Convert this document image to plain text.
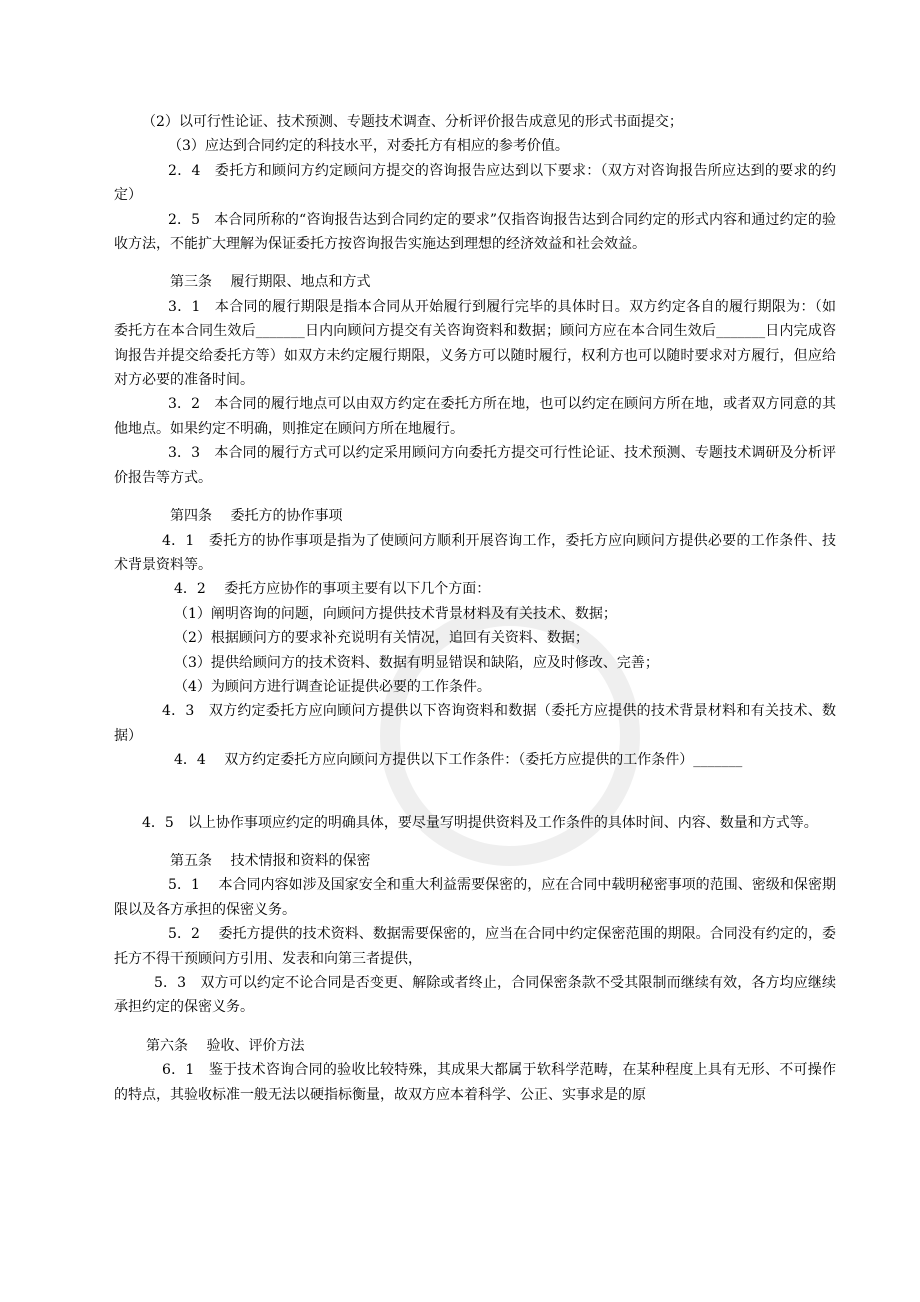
（2）以可行性论证、技术预测、专题技术调查、分析评价报告成意见的形式书面提交；

（3）应达到合同约定的科技水平，对委托方有相应的参考价值。

2．4　委托方和顾问方约定顾问方提交的咨询报告应达到以下要求：（双方对咨询报告所应达到的要求的约定）

2．5　本合同所称的“咨询报告达到合同约定的要求”仅指咨询报告达到合同约定的形式内容和通过约定的验收方法，不能扩大理解为保证委托方按咨询报告实施达到理想的经济效益和社会效益。

第三条　 履行期限、地点和方式

3．1　本合同的履行期限是指本合同从开始履行到履行完毕的具体时日。双方约定各自的履行期限为：（如委托方在本合同生效后_______日内向顾问方提交有关咨询资料和数据；顾问方应在本合同生效后_______日内完成咨询报告并提交给委托方等）如双方未约定履行期限，义务方可以随时履行，权利方也可以随时要求对方履行，但应给对方必要的准备时间。

3．2　本合同的履行地点可以由双方约定在委托方所在地，也可以约定在顾问方所在地，或者双方同意的其他地点。如果约定不明确，则推定在顾问方所在地履行。

3．3　本合同的履行方式可以约定采用顾问方向委托方提交可行性论证、技术预测、专题技术调研及分析评价报告等方式。

第四条　 委托方的协作事项

4．1　委托方的协作事项是指为了使顾问方顺利开展咨询工作，委托方应向顾问方提供必要的工作条件、技术背景资料等。

4．2　 委托方应协作的事项主要有以下几个方面：

（1）阐明咨询的问题，向顾问方提供技术背景材料及有关技术、数据；

（2）根据顾问方的要求补充说明有关情况，追回有关资料、数据；

（3）提供给顾问方的技术资料、数据有明显错误和缺陷，应及时修改、完善；

（4）为顾问方进行调查论证提供必要的工作条件。

4．3　双方约定委托方应向顾问方提供以下咨询资料和数据（委托方应提供的技术背景材料和有关技术、数据）

4．4　 双方约定委托方应向顾问方提供以下工作条件：（委托方应提供的工作条件）_______

4．5　以上协作事项应约定的明确具体，要尽量写明提供资料及工作条件的具体时间、内容、数量和方式等。

第五条　 技术情报和资料的保密

5．1　 本合同内容如涉及国家安全和重大利益需要保密的，应在合同中载明秘密事项的范围、密级和保密期限以及各方承担的保密义务。

5．2　 委托方提供的技术资料、数据需要保密的，应当在合同中约定保密范围的期限。合同没有约定的，委托方不得干预顾问方引用、发表和向第三者提供，

5．3　双方可以约定不论合同是否变更、解除或者终止，合同保密条款不受其限制而继续有效，各方均应继续承担约定的保密义务。

第六条　 验收、评价方法

6．1　鉴于技术咨询合同的验收比较特殊，其成果大都属于软科学范畴，在某种程度上具有无形、不可操作的特点，其验收标准一般无法以硬指标衡量，故双方应本着科学、公正、实事求是的原
